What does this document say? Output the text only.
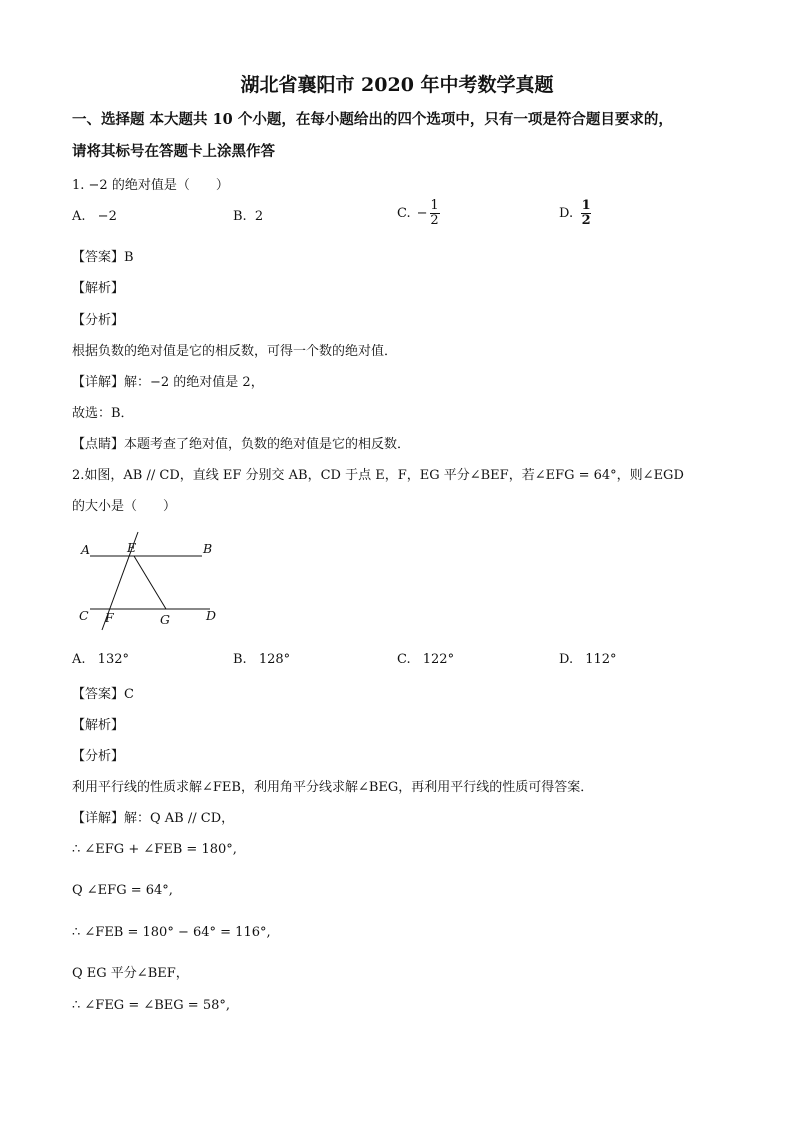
湖北省襄阳市 2020 年中考数学真题
一、选择题 本大题共 10 个小题，在每小题给出的四个选项中，只有一项是符合题目要求的，
请将其标号在答题卡上涂黑作答
1. −2 的绝对值是（　　）
A. −2	B. 2	C. − $\frac{1}{2}$	D. $\frac{1}{2}$
【答案】B
【解析】
【分析】
根据负数的绝对值是它的相反数，可得一个数的绝对值．
【详解】解：−2 的绝对值是 2，
故选：B．
【点睛】本题考查了绝对值，负数的绝对值是它的相反数．
2.如图，AB // CD，直线 EF 分别交 AB，CD 于点 E，F，EG 平分∠BEF，若∠EFG = 64°，则∠EGD
的大小是（　　）
A	B
E
C F	G	D
A. 132°	B. 128°	C. 122°	D. 112°
【答案】C
【解析】
【分析】
利用平行线的性质求解∠FEB，利用角平分线求解∠BEG，再利用平行线的性质可得答案．
【详解】解：Q AB // CD，
∴ ∠EFG + ∠FEB = 180°,
Q ∠EFG = 64°,
∴ ∠FEB = 180° − 64° = 116°,
Q EG 平分∠BEF，
∴ ∠FEG = ∠BEG = 58°,
